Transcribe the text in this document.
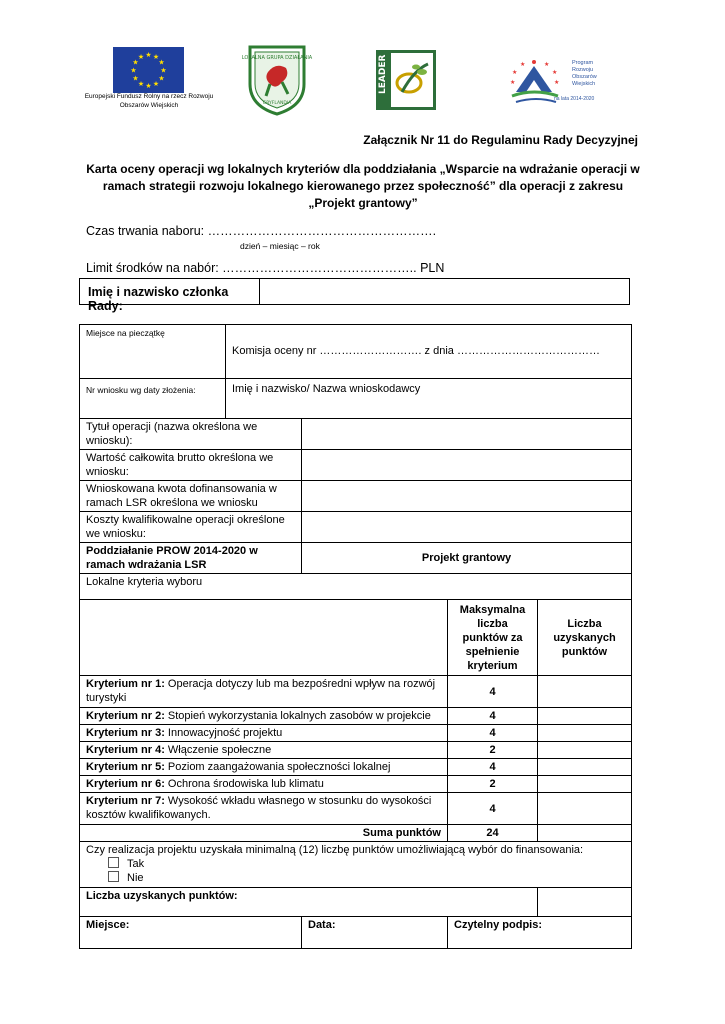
★ ★
★
★
★
★
★
★
★
★
★
★
Europejski Fundusz Rolny na rzecz Rozwoju Obszarów Wiejskich
LOKALNA GRUPA DZIAŁANIA
GRYFLANDIA
LEADER	★
★	★
★
★	★
Program
Rozwoju
Obszarów
Wiejskich
na lata 2014-2020
Załącznik Nr 11 do Regulaminu Rady Decyzyjnej
Karta oceny operacji wg lokalnych kryteriów dla poddziałania „Wsparcie na wdrażanie operacji w ramach strategii rozwoju lokalnego kierowanego przez społeczność” dla operacji z zakresu „Projekt grantowy”
Czas trwania naboru: ……………………………………………….
dzień – miesiąc – rok
Limit środków na nabór: ……………………………………….. PLN
Imię i nazwisko członka Rady:
Miejsce na pieczątkę	Komisja oceny nr ………………………. z dnia …………………………………			
Nr wniosku wg daty złożenia:	Imię i nazwisko/ Nazwa wnioskodawcy			
Tytuł operacji (nazwa określona we wniosku):				
Wartość całkowita brutto określona we wniosku:				
Wnioskowana kwota dofinansowania w ramach LSR określona we wniosku				
Koszty kwalifikowalne operacji określone we wniosku:				
Poddziałanie PROW 2014-2020 w ramach wdrażania LSR		Projekt grantowy		
Lokalne kryteria wyboru				
			Maksymalna liczba punktów za spełnienie kryterium	Liczba uzyskanych punktów
Kryterium nr 1: Operacja dotyczy lub ma bezpośredni wpływ na rozwój turystyki			4	
Kryterium nr 2: Stopień wykorzystania lokalnych zasobów w projekcie			4	
Kryterium nr 3: Innowacyjność projektu			4	
Kryterium nr 4: Włączenie społeczne			2	
Kryterium nr 5: Poziom zaangażowania społeczności lokalnej			4	
Kryterium nr 6: Ochrona środowiska lub klimatu			2	
Kryterium nr 7: Wysokość wkładu własnego w stosunku do wysokości kosztów kwalifikowanych.			4	
Suma punktów			24	

Czy realizacja projektu uzyskała minimalną (12) liczbę punktów umożliwiającą wybór do finansowania:
Tak
Nie				

Liczba uzyskanych punktów:				
Miejsce:		Data:	Czytelny podpis:	
